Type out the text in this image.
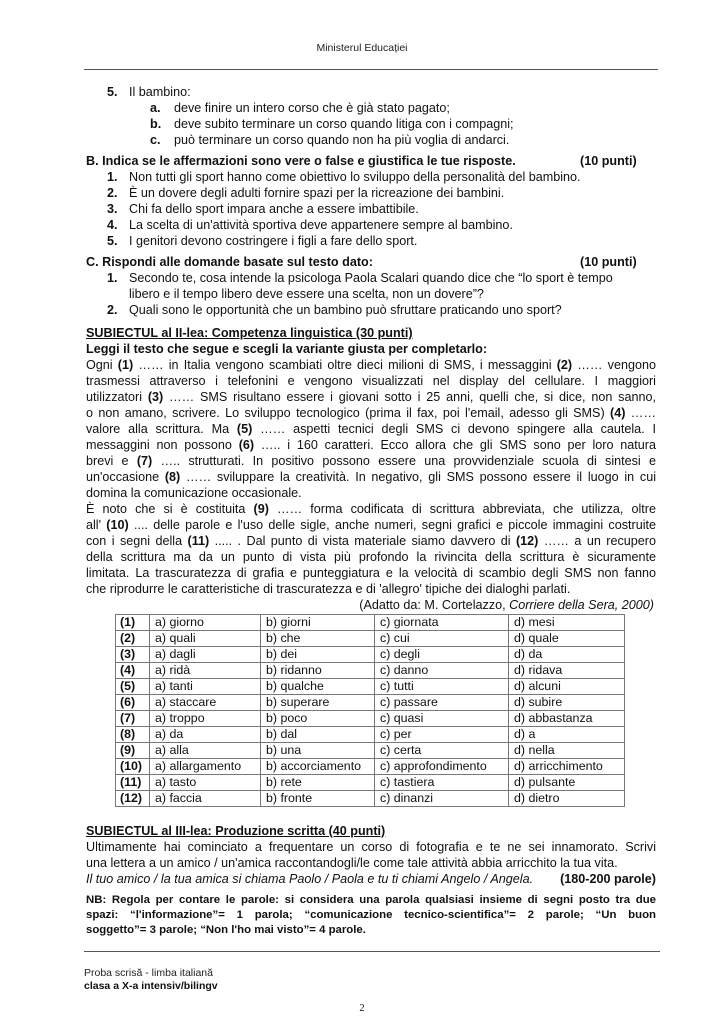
Ministerul Educației
5. Il bambino:
a. deve finire un intero corso che è già stato pagato;
b. deve subito terminare un corso quando litiga con i compagni;
c. può terminare un corso quando non ha più voglia di andarci.
B. Indica se le affermazioni sono vere o false e giustifica le tue risposte.	(10 punti)
1. Non tutti gli sport hanno come obiettivo lo sviluppo della personalità del bambino.
2. È un dovere degli adulti fornire spazi per la ricreazione dei bambini.
3. Chi fa dello sport impara anche a essere imbattibile.
4. La scelta di un'attività sportiva deve appartenere sempre al bambino.
5. I genitori devono costringere i figli a fare dello sport.
C. Rispondi alle domande basate sul testo dato:	(10 punti)
1. Secondo te, cosa intende la psicologa Paola Scalari quando dice che “lo sport è tempo
libero e il tempo libero deve essere una scelta, non un dovere”?
2. Quali sono le opportunità che un bambino può sfruttare praticando uno sport?
SUBIECTUL al II-lea: Competenza linguistica (30 punti)
Leggi il testo che segue e scegli la variante giusta per completarlo:
Ogni (1) …… in Italia vengono scambiati oltre dieci milioni di SMS, i messaggini (2) …… vengono
trasmessi attraverso i telefonini e vengono visualizzati nel display del cellulare. I maggiori
utilizzatori (3) …… SMS risultano essere i giovani sotto i 25 anni, quelli che, si dice, non sanno,
o non amano, scrivere. Lo sviluppo tecnologico (prima il fax, poi l'email, adesso gli SMS) (4) ……
valore alla scrittura. Ma (5) …… aspetti tecnici degli SMS ci devono spingere alla cautela. I
messaggini non possono (6) ….. i 160 caratteri. Ecco allora che gli SMS sono per loro natura
brevi e (7) ….. strutturati. In positivo possono essere una provvidenziale scuola di sintesi e
un'occasione (8) …… sviluppare la creatività. In negativo, gli SMS possono essere il luogo in cui
domina la comunicazione occasionale.
È noto che si è costituita (9) …… forma codificata di scrittura abbreviata, che utilizza, oltre
all' (10) .... delle parole e l'uso delle sigle, anche numeri, segni grafici e piccole immagini costruite
con i segni della (11) ..... . Dal punto di vista materiale siamo davvero di (12) …… a un recupero
della scrittura ma da un punto di vista più profondo la rivincita della scrittura è sicuramente
limitata. La trascuratezza di grafia e punteggiatura e la velocità di scambio degli SMS non fanno
che riprodurre le caratteristiche di trascuratezza e di 'allegro' tipiche dei dialoghi parlati.
(Adatto da: M. Cortelazzo, Corriere della Sera, 2000)
(1)	a) giorno	b) giorni	c) giornata	d) mesi
(2)	a) quali	b) che	c) cui	d) quale
(3)	a) dagli	b) dei	c) degli	d) da
(4)	a) ridà	b) ridanno	c) danno	d) ridava
(5)	a) tanti	b) qualche	c) tutti	d) alcuni
(6)	a) staccare	b) superare	c) passare	d) subire
(7)	a) troppo	b) poco	c) quasi	d) abbastanza
(8)	a) da	b) dal	c) per	d) a
(9)	a) alla	b) una	c) certa	d) nella
(10)	a) allargamento	b) accorciamento	c) approfondimento	d) arricchimento
(11)	a) tasto	b) rete	c) tastiera	d) pulsante
(12)	a) faccia	b) fronte	c) dinanzi	d) dietro
SUBIECTUL al III-lea: Produzione scritta (40 punti)
Ultimamente hai cominciato a frequentare un corso di fotografia e te ne sei innamorato. Scrivi
una lettera a un amico / un'amica raccontandogli/le come tale attività abbia arricchito la tua vita.
Il tuo amico / la tua amica si chiama Paolo / Paola e tu ti chiami Angelo / Angela. (180-200 parole)
NB: Regola per contare le parole: si considera una parola qualsiasi insieme di segni posto tra due
spazi: “l'informazione”= 1 parola; “comunicazione tecnico-scientifica”= 2 parole; “Un buon
soggetto”= 3 parole; “Non l'ho mai visto”= 4 parole.
Proba scrisă - limba italiană
clasa a X-a intensiv/bilingv
2
